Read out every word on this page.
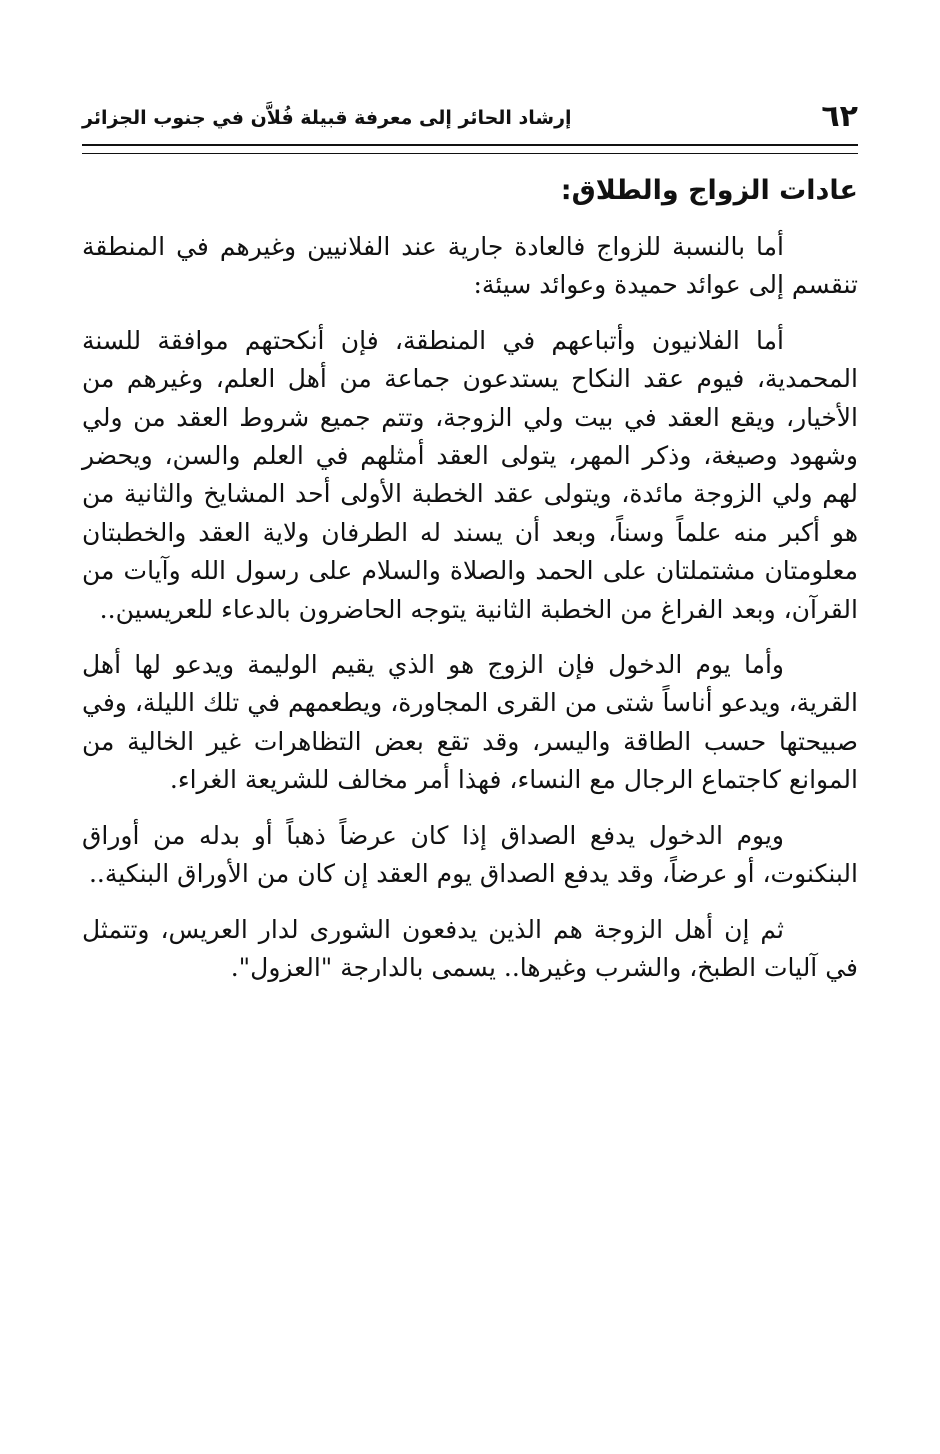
٦٢
إرشاد الحائر إلى معرفة قبيلة فُلاَّن في جنوب الجزائر
عادات الزواج والطلاق:

أما بالنسبة للزواج فالعادة جارية عند الفلانيين وغيرهم في المنطقة تنقسم إلى عوائد حميدة وعوائد سيئة:

أما الفلانيون وأتباعهم في المنطقة، فإن أنكحتهم موافقة للسنة المحمدية، فيوم عقد النكاح يستدعون جماعة من أهل العلم، وغيرهم من الأخيار، ويقع العقد في بيت ولي الزوجة، وتتم جميع شروط العقد من ولي وشهود وصيغة، وذكر المهر، يتولى العقد أمثلهم في العلم والسن، ويحضر لهم ولي الزوجة مائدة، ويتولى عقد الخطبة الأولى أحد المشايخ والثانية من هو أكبر منه علماً وسناً، وبعد أن يسند له الطرفان ولاية العقد والخطبتان معلومتان مشتملتان على الحمد والصلاة والسلام على رسول الله وآيات من القرآن، وبعد الفراغ من الخطبة الثانية يتوجه الحاضرون بالدعاء للعريسين..

وأما يوم الدخول فإن الزوج هو الذي يقيم الوليمة ويدعو لها أهل القرية، ويدعو أناساً شتى من القرى المجاورة، ويطعمهم في تلك الليلة، وفي صبيحتها حسب الطاقة واليسر، وقد تقع بعض التظاهرات غير الخالية من الموانع كاجتماع الرجال مع النساء، فهذا أمر مخالف للشريعة الغراء.

ويوم الدخول يدفع الصداق إذا كان عرضاً ذهباً أو بدله من أوراق البنكنوت، أو عرضاً، وقد يدفع الصداق يوم العقد إن كان من الأوراق البنكية..

ثم إن أهل الزوجة هم الذين يدفعون الشورى لدار العريس، وتتمثل في آليات الطبخ، والشرب وغيرها.. يسمى بالدارجة "العزول".
